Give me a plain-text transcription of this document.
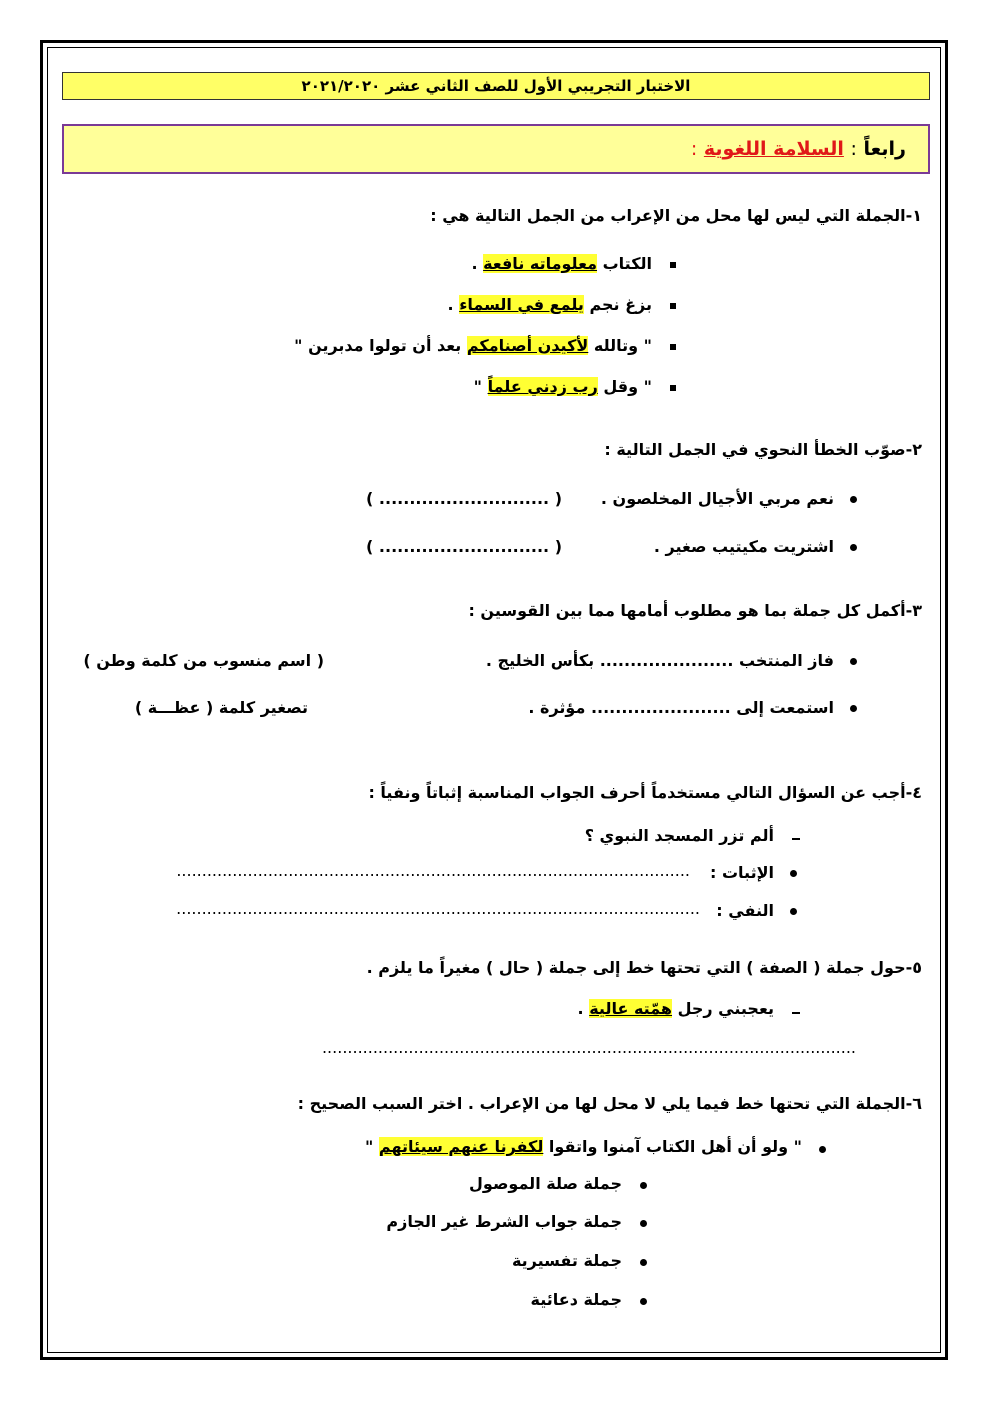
الاختبار التجريبي الأول للصف الثاني عشر ٢٠٢١/٢٠٢٠
رابعاً : السلامة اللغوية :
١-الجملة التي ليس لها محل من الإعراب من الجمل التالية هي :
الكتاب معلوماته نافعة .
بزغ نجم يلمع في السماء .
" وتالله لأكيدن أصنامكم بعد أن تولوا مدبرين "
" وقل رب زدني علماً "
٢-صوّب الخطأ النحوي في الجمل التالية :
نعم مربي الأجيال المخلصون .
( ............................ )
اشتريت مكيتيب صغير .
( ............................ )
٣-أكمل كل جملة بما هو مطلوب أمامها مما بين القوسين :
فاز المنتخب ...................... بكأس الخليج .
( اسم منسوب من كلمة وطن )
استمعت إلى ....................... مؤثرة .
تصغير كلمة ( عظـــة )
٤-أجب عن السؤال التالي مستخدماً أحرف الجواب المناسبة إثباتاً ونفياً :
ألم تزر المسجد النبوي ؟
الإثبات :
.....................................................................................................
النفي :
.......................................................................................................
٥-حول جملة ( الصفة ) التي تحتها خط إلى جملة ( حال ) مغيراً ما يلزم .
يعجبني رجل همّته عالية .
.........................................................................................................
٦-الجملة التي تحتها خط فيما يلي لا محل لها من الإعراب . اختر السبب الصحيح :
" ولو أن أهل الكتاب آمنوا واتقوا لكفرنا عنهم سيئاتهم "
جملة صلة الموصول
جملة جواب الشرط غير الجازم
جملة تفسيرية
جملة دعائية
